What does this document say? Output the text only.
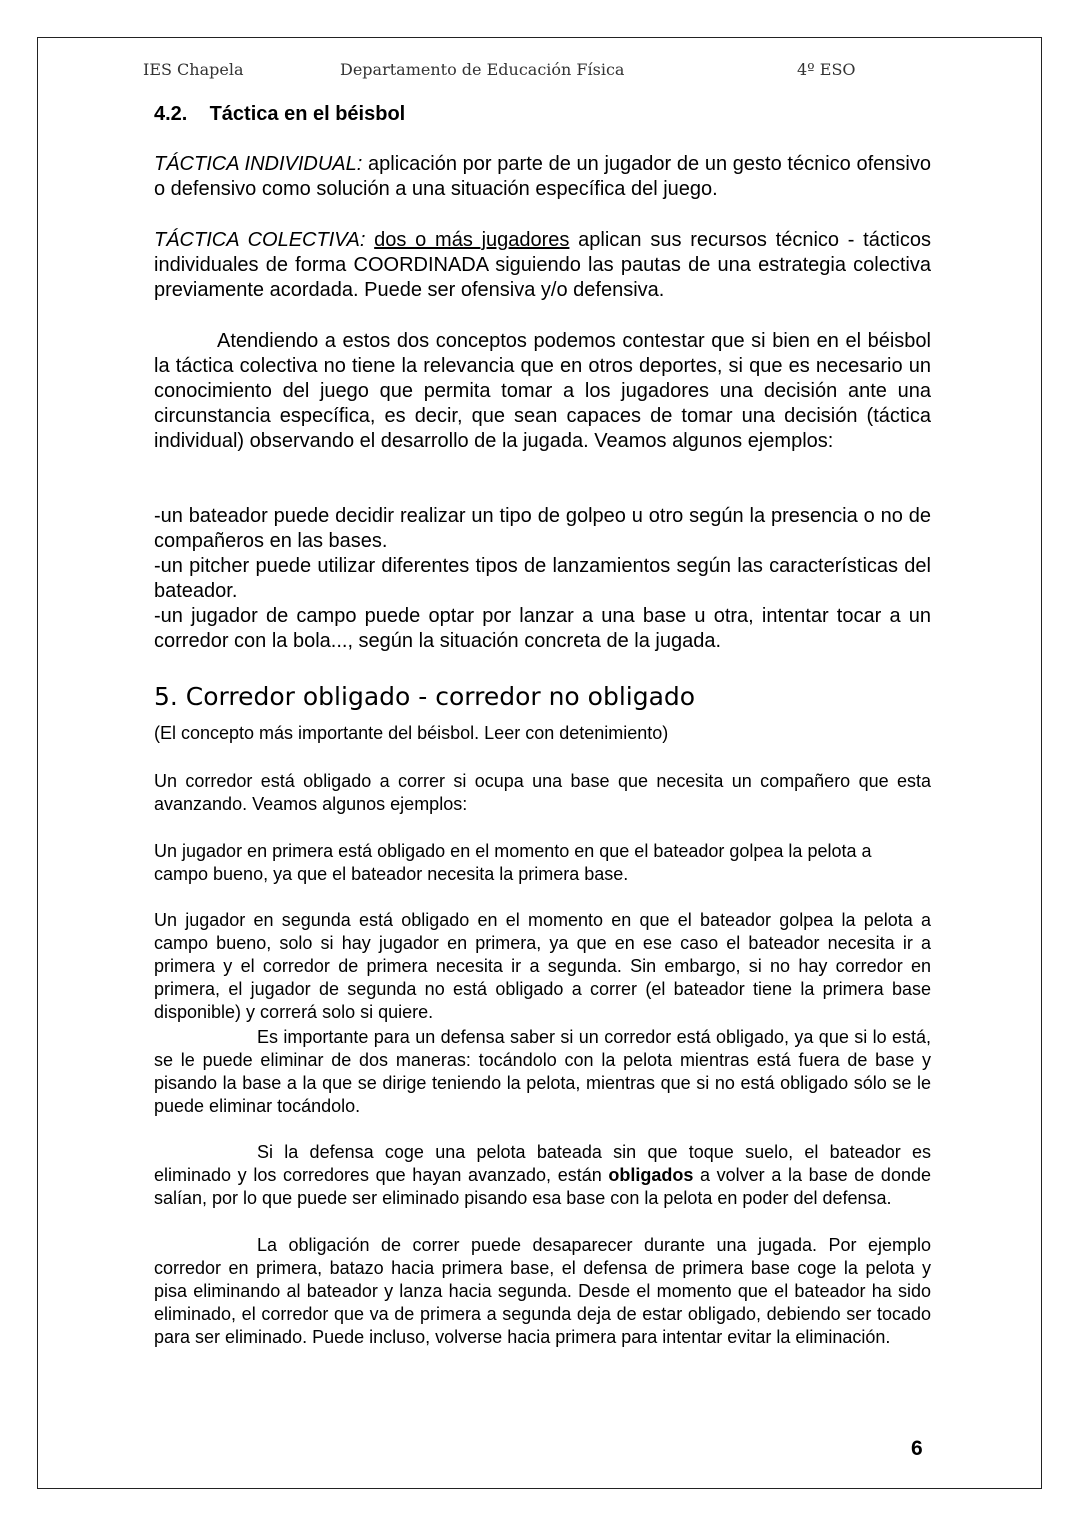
IES Chapela	Departamento de Educación Física	4º ESO
4.2.    Táctica en el béisbol

TÁCTICA INDIVIDUAL: aplicación por parte de un jugador de un gesto técnico ofensivo o defensivo como solución a una situación específica del juego.

TÁCTICA COLECTIVA: dos o más jugadores aplican sus recursos técnico - tácticos individuales de forma COORDINADA siguiendo las pautas de una estrategia colectiva previamente acordada. Puede ser ofensiva y/o defensiva.

Atendiendo a estos dos conceptos podemos contestar que si bien en el béisbol la táctica colectiva no tiene la relevancia que en otros deportes, si que es necesario un conocimiento del juego que permita tomar a los jugadores una decisión ante una circunstancia específica, es decir, que sean capaces de tomar una decisión (táctica individual) observando el desarrollo de la jugada. Veamos algunos ejemplos:

-un bateador puede decidir realizar un tipo de golpeo u otro según la presencia o no de compañeros en las bases.

-un pitcher puede utilizar diferentes tipos de lanzamientos según las características del bateador.

-un jugador de campo puede optar por lanzar a una base u otra, intentar tocar a un corredor con la bola..., según la situación concreta de la jugada.

5. Corredor obligado - corredor no obligado
(El concepto más importante del béisbol. Leer con detenimiento)

Un corredor está obligado a correr si ocupa una base que necesita un compañero que esta avanzando. Veamos algunos ejemplos:

Un jugador en primera está obligado en el momento en que el bateador golpea la pelota a campo bueno, ya que el bateador necesita la primera base.

Un jugador en segunda está obligado en el momento en que el bateador golpea la pelota a campo bueno, solo si hay jugador en primera, ya que en ese caso el bateador necesita ir a primera y el corredor de primera necesita ir a segunda. Sin embargo, si no hay corredor en primera, el jugador de segunda no está obligado a correr (el bateador tiene la primera base disponible) y correrá solo si quiere.

Es importante para un defensa saber si un corredor está obligado, ya que si lo está, se le puede eliminar de dos maneras: tocándolo con la pelota mientras está fuera de base y pisando la base a la que se dirige teniendo la pelota, mientras que si no está obligado sólo se le puede eliminar tocándolo.

Si la defensa coge una pelota bateada sin que toque suelo, el bateador es eliminado y los corredores que hayan avanzado, están obligados a volver a la base de donde salían, por lo que puede ser eliminado pisando esa base con la pelota en poder del defensa.

La obligación de correr puede desaparecer durante una jugada. Por ejemplo corredor en primera, batazo hacia primera base, el defensa de primera base coge la pelota y pisa eliminando al bateador y lanza hacia segunda. Desde el momento que el bateador ha sido eliminado, el corredor que va de primera a segunda deja de estar obligado, debiendo ser tocado para ser eliminado. Puede incluso, volverse hacia primera para intentar evitar la eliminación.

6
